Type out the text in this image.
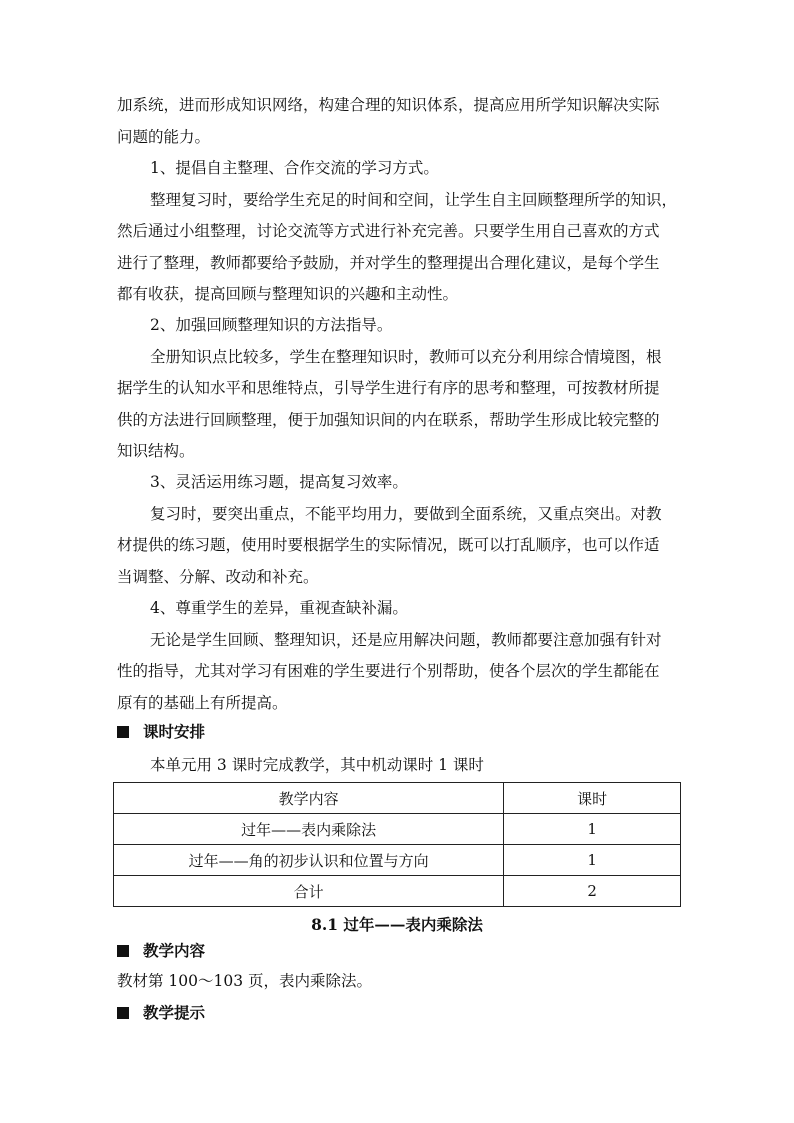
加系统，进而形成知识网络，构建合理的知识体系，提高应用所学知识解决实际
问题的能力。
1、提倡自主整理、合作交流的学习方式。
整理复习时，要给学生充足的时间和空间，让学生自主回顾整理所学的知识，
然后通过小组整理，讨论交流等方式进行补充完善。只要学生用自己喜欢的方式
进行了整理，教师都要给予鼓励，并对学生的整理提出合理化建议，是每个学生
都有收获，提高回顾与整理知识的兴趣和主动性。
2、加强回顾整理知识的方法指导。
全册知识点比较多，学生在整理知识时，教师可以充分利用综合情境图，根
据学生的认知水平和思维特点，引导学生进行有序的思考和整理，可按教材所提
供的方法进行回顾整理，便于加强知识间的内在联系，帮助学生形成比较完整的
知识结构。
3、灵活运用练习题，提高复习效率。
复习时，要突出重点，不能平均用力，要做到全面系统，又重点突出。对教
材提供的练习题，使用时要根据学生的实际情况，既可以打乱顺序，也可以作适
当调整、分解、改动和补充。
4、尊重学生的差异，重视查缺补漏。
无论是学生回顾、整理知识，还是应用解决问题，教师都要注意加强有针对
性的指导，尤其对学习有困难的学生要进行个别帮助，使各个层次的学生都能在
原有的基础上有所提高。
课时安排
本单元用 3 课时完成教学，其中机动课时 1 课时
教学内容	课时
过年——表内乘除法	1
过年——角的初步认识和位置与方向	1
合计	2
8.1 过年——表内乘除法
教学内容
教材第 100～103 页，表内乘除法。
教学提示
